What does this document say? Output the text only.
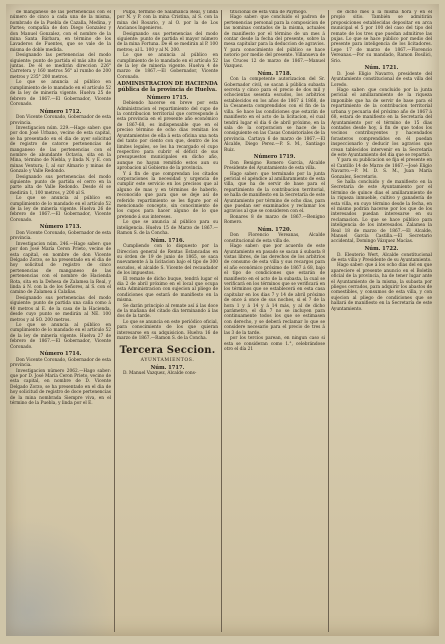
de manganeso de las pertenencias con el número de cinco a cada una de la misma, nombrado de la Puebla de Cazalla, Medina, y Partes; compañía de don Diego Gonzalez y don Manuel Gonzalez, con el nombre de la mina Santa Bárbara, en término de los Lavaderos de Fuentes, que se vale de la misma de doble medida.

Designando las pertenencias del modo siguiente: punto de partida el más alto de las juntas. De él se medirán direccion 226° Carretera y 160 metros 56° al rumbo de 200 metros y 235° 200 metros.

Lo que se anuncia al público en cumplimiento de lo mandado en el artículo 52 de la ley de minería vigente. Huelva 25 de febrero de 1867.—El Gobernador, Vicente Coronado.

Número 1712.

Don Vicente Coronado, Gobernador de esta provincia.

Investigacion núm. 229.—Hago saber: que por don José Urbano, vecino de esta capital, se ha presentado en el dia de ayer solicitud de registro de catorce pertenencias de manganeso de las pertenencias con el nombre de abundante Octavia, sita en la Mina, término de Niebla, y linda N. y E. con minas Ventura; I, al sur Almario y minas de Gonzalo y Valle Redondo.

Designando sus pertenencias del modo siguiente: punto de partida el cerro en la parte alta de Valle Redondo. Desde él se medirán 1, 100 metros, y 200 al S.

Lo que se anuncia al público en cumplimiento de lo mandado en el artículo 52 de la ley de minería vigente. Huelva 26 de febrero de 1867.—El Gobernador, Vicente Coronado.

Número 1713.

Don Vicente Coronado, Gobernador de esta provincia.

Investigacion núm. 246.—Hago saber: que por don José María Ceron Prieto, vecino de esta capital, en nombre de don Vicente Delgado Zorzo, se ha presentado en el dia de hoy solicitud de registro de cinco pertenencias de manganeso de las pertenencias con el nombre de Hacienda Rota, sita en la Dehesa de Zalamea la Real, y linda á N. con la de los Señores, al S. con el camino de Zalamea á Calañas.

Designando sus pertenencias del modo siguiente: punto de partida una caña como á 40 metros al E. de la casa de la Hacienda, desde cuyo punto se medirán al NE. 100 metros y al SO. 200 metros.

Lo que se anuncia al público en cumplimiento de lo mandado en el artículo 52 de la ley de minería vigente. Huelva 27 de febrero de 1867.—El Gobernador, Vicente Coronado.

Número 1714.

Don Vicente Coronado, Gobernador de esta provincia.

Investigacion número 2062.—Hago saber: que por D. José María Ceron Prieto, vecino de esta capital, en nombre de D. Vicente Delgado Zorzo, se ha presentado en el dia de hoy solicitud de registro de doce pertenencias de la mina nombrada Siempre viva, en el término de la Puebla, y linda por el E.

Pulpa, término de Salamanca Real, y linda por N. y P. con la mina Cristina, al S. con la mina del Rosario, y al O. por la de Los Ancianos Ingenieros.

Designando sus pertenencias del modo siguiente: punto de partida el mayor número de la mina Fortuna. De él se medirán al P. 100 metros; al L. 100 y al N. 200.

Lo que se anuncia al público en cumplimiento de lo mandado en el artículo 52 de la ley de minería vigente. Huelva 4 de marzo de 1867.—El Gobernador, Vicente Coronado.

ADMINISTRACION DE HACIENDA pública de la provincia de Huelva.
Número 1715.

Debiendo hacerse en breve por esta Administracion el repartimiento del cupo de la contribucion territorial que corresponde á esta provincia en el presente año económico de 1867-68, es indispensable que en el preciso término de ocho dias remitan los Ayuntamientos de ella á esta oficina una nota del tanto por ciento con que, dentro de los limites legales, se les ha recargado el cupo respectivo para cubrir el déficit de sus presupuestos municipales en dicho año, aunque no hayan remitido estos aun su aprobacion al Gobierno de la provincia.

Y á fin de que comprendan los citados corporaciones la necesidad y urgencia de cumplir este servicio en los precisos que al alguno de mas y en términos de haberlo, reconocido que para que se deje así de referido repartimiento se les figure por el mencionado concepto, sin conocimiento de los cupos para hacer alguno de lo que pretende á sus intereses.

Lo que se anuncia al público para su inteligencia. Huelva 15 de Marzo de 1867.—Ramon S. de la Concha.

Núm. 1716.

Cumpliendo con lo dispuesto por la Direccion general de Rentas Estancadas en su órden de 19 de junio de 1865, se saca nuevamente á la licitacion bajo el tipo de 300 escudos, el alcalde S. Vicente del recaudador de los impuestos.

El remate de dicho buque, tendrá lugar el dia 2 de abril próximo en el local que ocupa esta Administracion con sujecion al pliego de condiciones que estará de manifiesto en la misma.

Se darán principio al remate así á las doce de la mañana del citado dia terminando á las dos de la tarde.

Lo que se anuncia en este periódico oficial, para conocimiento de los que quieran interesarse en su adquisicion. Huelva 16 de marzo de 1867.—Ramon S. de la Concha.

Tercera Seccion.
AYUNTAMIENTOS.
Núm. 1717.

D. Manuel Vazquez, Alcalde cons-

titucional de esta villa de Paymogo.

Hago saber: que concluido el padron de pertenencias personal para la composicion de las nominas contados de la misma, actuales de manifiesto por el término de un mes á contar desde la fecha del presente, sobre la mesa capitular para la deduccion de agravios. Y para conocimiento del público se hace notorio por medio del presente. Villanueva de las Cruces 12 de marzo de 1867.—Manuel Vazquez.

Núm. 1718.

Con la competente autorizacion del Sr. Gobernador civil, se sacan á pública subasta secreta y cinco para el precio de dos mil y ochocientas sesenta escudos, los arbitrios establecidos en los años de 1867 á 1868, de la Cesanesta comprendidos con el fin de la villa. Se hace las condiciones que estarán de manifiesto en el acto de la licitacion, el cual tendrá lugar el dia 6 de abril próximo, en la sala de la corporacion se hace de la consiguiente en las Casas Consistoriales de la provincia. Cartaya 6 de marzo de 1867.—El Alcalde, Diego Perez.—P. S. M., Santiago Ruiz.

Número 1719.

Don Benigno Romero García, Alcalde Presidente del Ayuntamiento de esta villa.

Hago saber: que terminado por la junta pericial el apéndice al amillaramiento de esta villa, que ha de servir de base para el repartimiento de la contribucion territorial, se halla de manifiesto en la Secretaría de este Ayuntamiento por término de ocho dias, para que puedan ser examinados y reclamar los agravios al que se consideren con el.

Bonares 8 de marzo de 1867.—Benigno Romero.

Núm. 1720.

Don Florencio Vereanas, Alcalde constitucional de esta villa de.

Hago saber: que por acuerdo de este Ayuntamiento en pasado se sacan á subasta 8 vistas libres, de las derechos de los arbitrios de consumo de esta villa y sus recargos para el año económico próximo de 1867 á 68, bajo el tipo de condiciones que estarán de manifiesto en el acto de la subasta, la cual se verificará en los términos que se verificará en los términos que se establecerá en esta casa capitular en los dias 7 y 14 de abril próximo de once á once de sus noches, si el 7 de la hora 1 y á 14 y á 14 más, y al de dicho parámetro, el dia 7 no se incluyen para continuamente todos los que se estimasen con derecho, y se deberá reclamar lo que se considere necesario para el precio de tres á las 3 de la tarde.

por los tercios parean, en ningun caso si esta se consideran como 1.°, celebrándose otro el día 21

de dicho mes á la misma hora y en el propio sitio. También se admitirán proposiciones establecidas depositar en arca municipal el 5 por 100 del caso del tipo del remate de los tres que puedan admitirse las pujas. Lo que se hace público por medio del presente para inteligencia de los licitadores. Lepe 17 de marzo de 1867.—Florencio Vereanas.—Por su mandado, Ramon Bosilici, Srio.

Núm. 1721.

D. José Eligio Navarro, presidente del Ayuntamiento constitucional de esta villa del Loredo.

Hago saber: que concluido por la junta pericial el amillaramiento de la riqueza imponible que ha de servir de base para el repartimiento de la contribucion territorial urbana y pecuaria del próximo año de 1867 á 68, estará de manifiesto en la Secretaría del Ayuntamiento por el término de 15 dias contados desde hoy, á fin de que todos los vecinos contribuyentes y hacendados forasteros comprendidos en él puedan inspeccionarlo y deducir los agravios que crean tablecidos intervenir en la Secretaría de este Ayuntamiento del dia que se repartió.

Y para su publicacion se fija el presente en el Cantillo 14 de Marzo de 1867.—José Eligio Navarro.—P. M. D. S. M., Juan María Gonzalez, Secretario.

Se halla concluido y de manifiesto en la Secretaría de este Ayuntamiento por el término de quince dias el amillaramiento de la riqueza inmueble, cultivo y ganadería de esta villa, en cuyo término desde la fecha, en el mismo podrán hacerse por los que de los interesados puedan interesarse en su reclamacion. Lo que se hace público para inteligencia de los interesados. Zalamea la Real 18 de marzo de 1867.—El Alcalde, Manuel García Castilla.—El Secretario accidental, Domingo Vázquez Macías.

Núm. 1722.

D. Eleuterio Wert, Alcalde constitucional de esta villa y Presidente de su Ayuntamiento.

Hago saber: que á los ocho dias del en que apareciere el presente anuncio en el Boletín oficial de la provincia, ha de tener lugar ante el Ayuntamiento de la misma, la subasta por pliegos cerrados, para adquirir los abastos de comestibles, y consumos de esta villa, y con sujecion al pliego de condiciones que se hallará de manifiesto en la Secretaría de este Ayuntamiento.
